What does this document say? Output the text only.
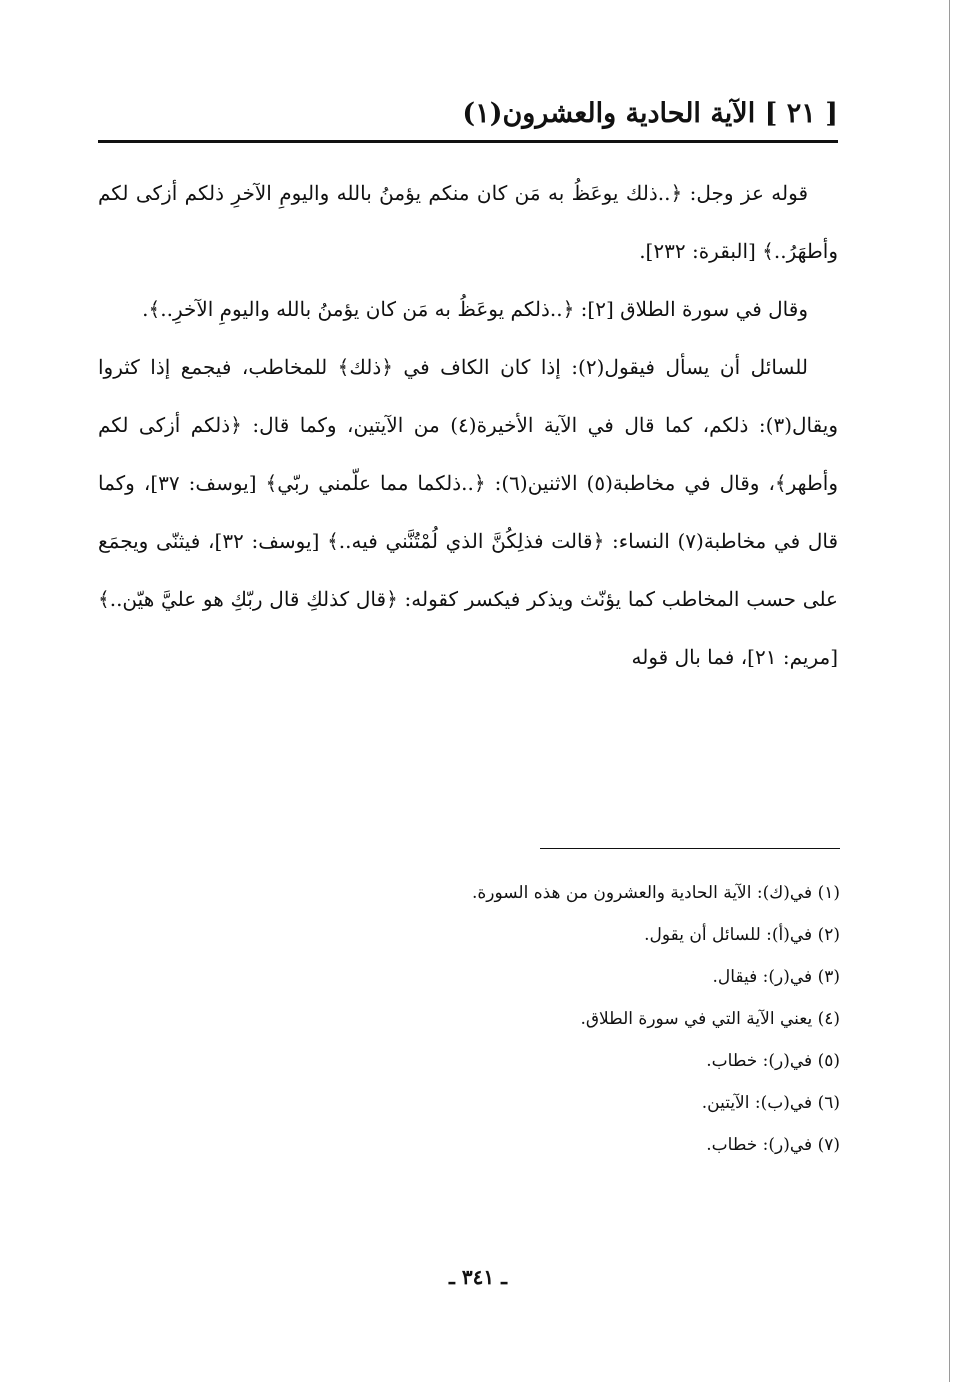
[ ٢١ ] الآية الحادية والعشرون(١)

قوله عز وجل: ﴿..ذلك يوعَظُ به مَن كان منكم يؤمنُ بالله واليومِ الآخرِ ذلكم أزكى لكم وأطهَرُ..﴾ [البقرة: ٢٣٢].

وقال في سورة الطلاق [٢]: ﴿..ذلكم يوعَظُ به مَن كان يؤمنُ بالله واليومِ الآخرِ..﴾.

للسائل أن يسأل فيقول(٢): إذا كان الكاف في ﴿ذلك﴾ للمخاطب، فيجمع إذا كثروا ويقال(٣): ذلكم، كما قال في الآية الأخيرة(٤) من الآيتين، وكما قال: ﴿ذلكم أزكى لكم وأطهر﴾، وقال في مخاطبة(٥) الاثنين(٦): ﴿..ذلكما مما علّمني ربّي﴾ [يوسف: ٣٧]، وكما قال في مخاطبة(٧) النساء: ﴿قالت فذلِكُنَّ الذي لُمْتُنَّني فيه..﴾ [يوسف: ٣٢]، فيثنّى ويجمَع على حسب المخاطب كما يؤنّث ويذكر فيكسر كقوله: ﴿قال كذلكِ قال ربّكِ هو عليَّ هيّن..﴾ [مريم: ٢١]، فما بال قوله

(١) في(ك): الآية الحادية والعشرون من هذه السورة.

(٢) في(أ): للسائل أن يقول.

(٣) في(ر): فيقال.

(٤) يعني الآية التي في سورة الطلاق.

(٥) في(ر): خطاب.

(٦) في(ب): الآيتين.

(٧) في(ر): خطاب.

ـ ٣٤١ ـ
